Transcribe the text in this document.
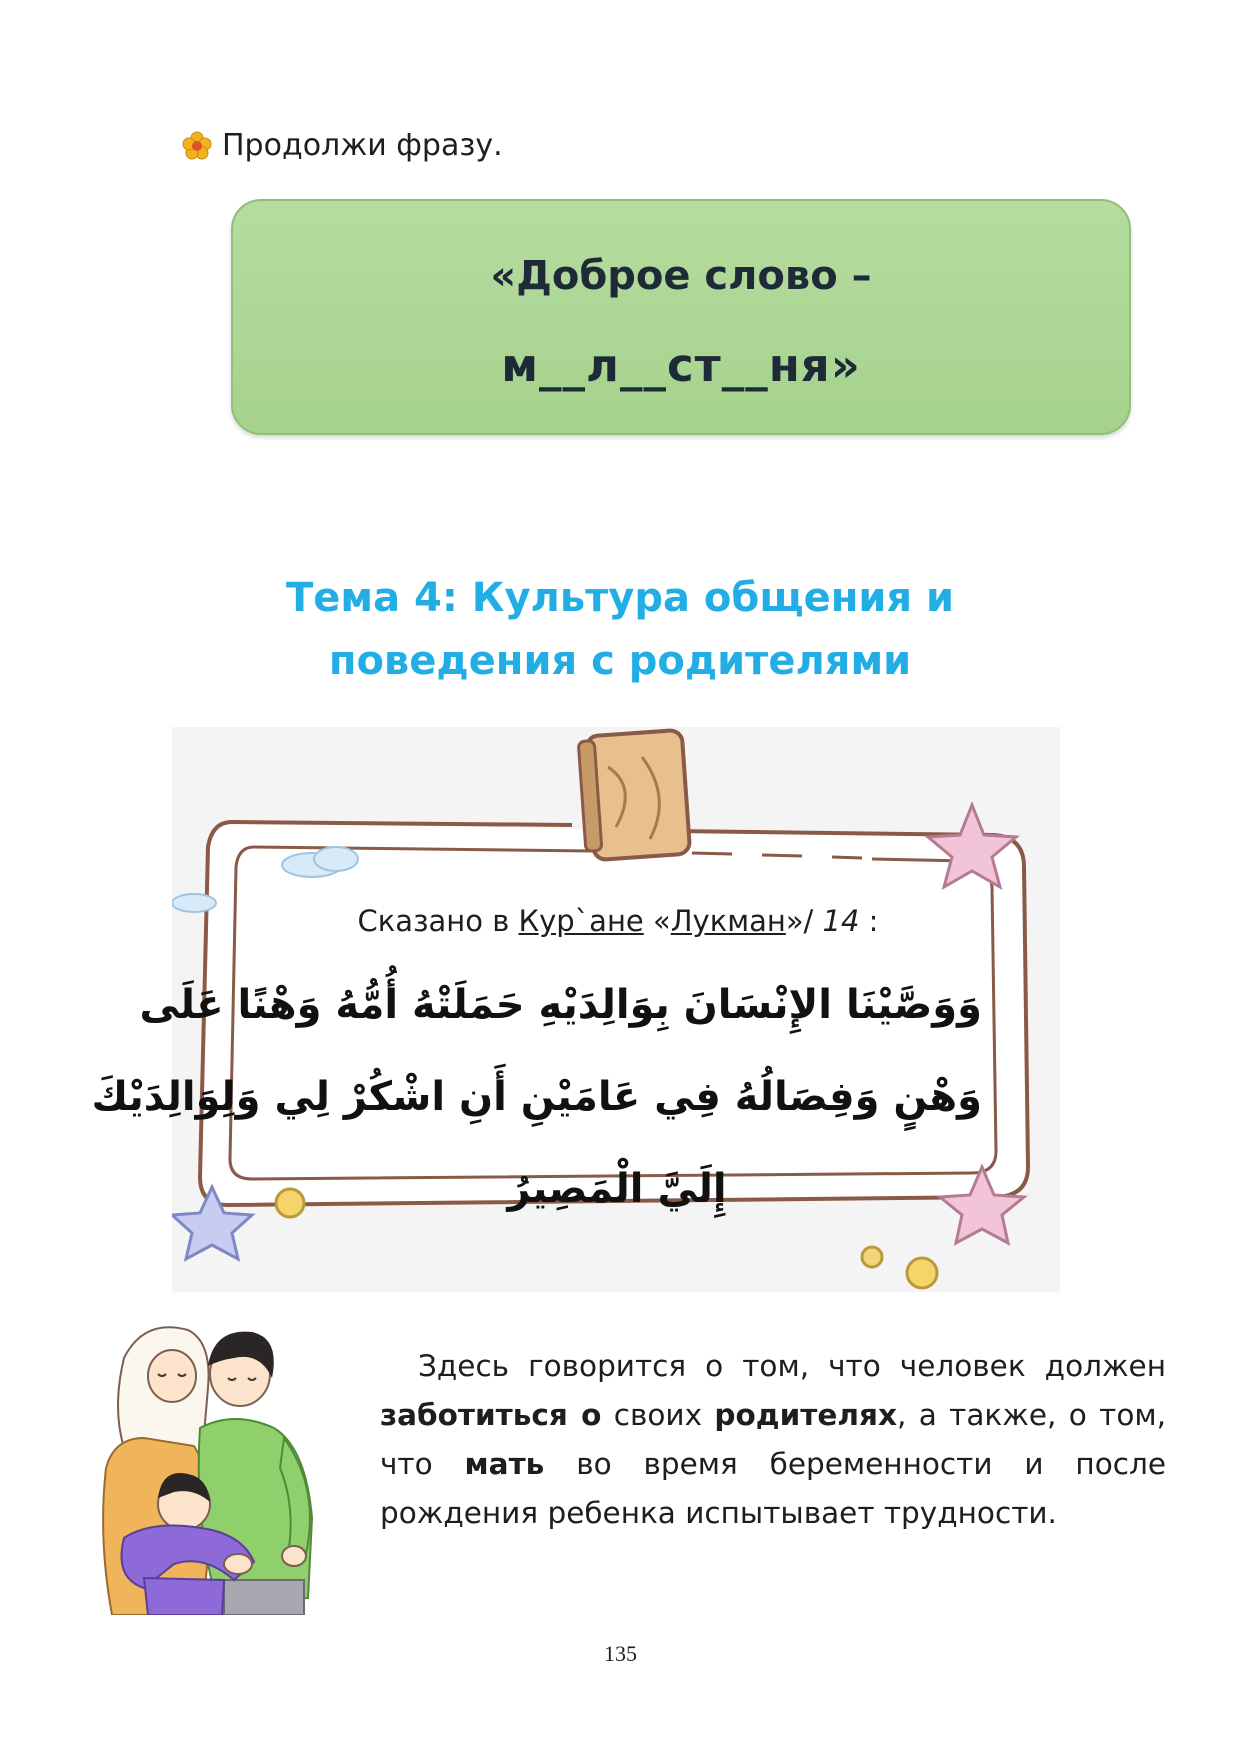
Продолжи фразу.
«Доброе слово –
м__л__ст__ня»
Тема 4: Культура общения и
поведения с родителями
Сказано в Кур`ане «Лукман»/ 14 :
وَوَصَّيْنَا الإِنْسَانَ بِوَالِدَيْهِ حَمَلَتْهُ أُمُّهُ وَهْنًا عَلَى
وَهْنٍ وَفِصَالُهُ فِي عَامَيْنِ أَنِ اشْكُرْ لِي وَلِوَالِدَيْكَ
إِلَيَّ الْمَصِيرُ

Здесь говорится о том, что человек должен заботиться о своих родителях, а также, о том, что мать во время беременности и после рождения ребенка испытывает трудности.

135
